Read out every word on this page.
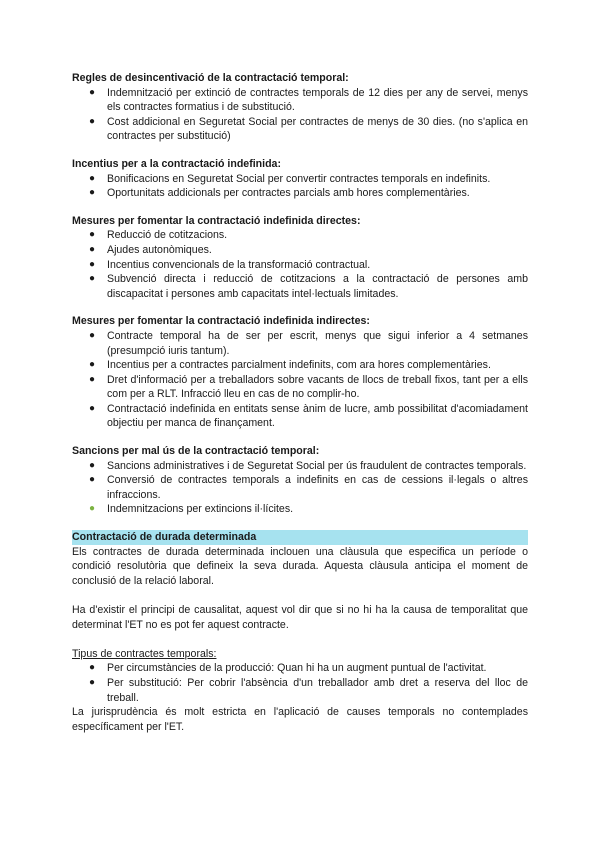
Regles de desincentivació de la contractació temporal:
● Indemnització per extinció de contractes temporals de 12 dies per any de servei, menys els contractes formatius i de substitució.
● Cost addicional en Seguretat Social per contractes de menys de 30 dies. (no s'aplica en contractes per substitució)
Incentius per a la contractació indefinida:
● Bonificacions en Seguretat Social per convertir contractes temporals en indefinits.
● Oportunitats addicionals per contractes parcials amb hores complementàries.
Mesures per fomentar la contractació indefinida directes:
● Reducció de cotitzacions.
● Ajudes autonòmiques.
● Incentius convencionals de la transformació contractual.
● Subvenció directa i reducció de cotitzacions a la contractació de persones amb discapacitat i persones amb capacitats intel·lectuals limitades.
Mesures per fomentar la contractació indefinida indirectes:
● Contracte temporal ha de ser per escrit, menys que sigui inferior a 4 setmanes (presumpció iuris tantum).
● Incentius per a contractes parcialment indefinits, com ara hores complementàries.
● Dret d'informació per a treballadors sobre vacants de llocs de treball fixos, tant per a ells com per a RLT. Infracció lleu en cas de no complir-ho.
● Contractació indefinida en entitats sense ànim de lucre, amb possibilitat d'acomiadament objectiu per manca de finançament.
Sancions per mal ús de la contractació temporal:
● Sancions administratives i de Seguretat Social per ús fraudulent de contractes temporals.
● Conversió de contractes temporals a indefinits en cas de cessions il·legals o altres infraccions.
● Indemnitzacions per extincions il·lícites.
Contractació de durada determinada

Els contractes de durada determinada inclouen una clàusula que especifica un període o condició resolutòria que defineix la seva durada. Aquesta clàusula anticipa el moment de conclusió de la relació laboral.

Ha d'existir el principi de causalitat, aquest vol dir que si no hi ha la causa de temporalitat que determinat l'ET no es pot fer aquest contracte.

Tipus de contractes temporals:

● Per circumstàncies de la producció: Quan hi ha un augment puntual de l'activitat.
● Per substitució: Per cobrir l'absència d'un treballador amb dret a reserva del lloc de treball.

La jurisprudència és molt estricta en l'aplicació de causes temporals no contemplades específicament per l'ET.
